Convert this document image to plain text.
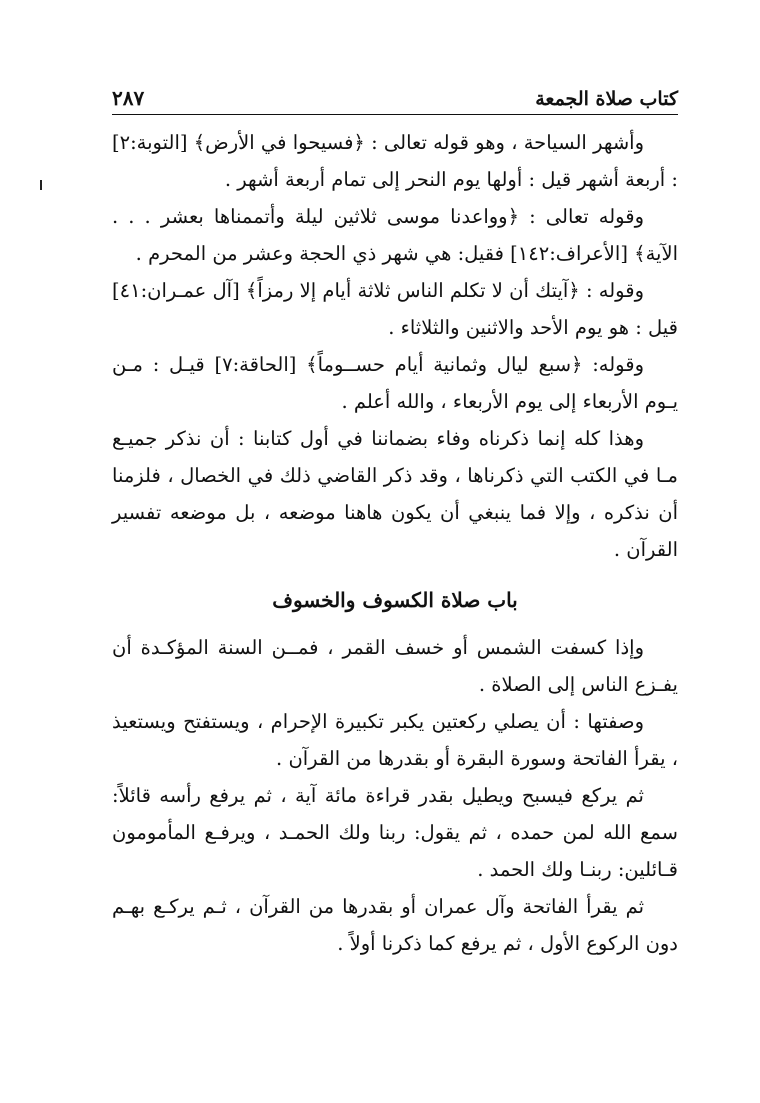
كتاب صلاة الجمعة
٢٨٧

وأشهر السياحة ، وهو قوله تعالى : ﴿فسيحوا في الأرض﴾ [التوبة:٢] : أربعة أشهر قيل : أولها يوم النحر إلى تمام أربعة أشهر .

وقوله تعالى : ﴿وواعدنا موسى ثلاثين ليلة وأتممناها بعشر . . . الآية﴾ [الأعراف:١٤٢] فقيل: هي شهر ذي الحجة وعشر من المحرم .

وقوله : ﴿آيتك أن لا تكلم الناس ثلاثة أيام إلا رمزاً﴾ [آل عمـران:٤١] قيل : هو يوم الأحد والاثنين والثلاثاء .

وقوله: ﴿سبع ليال وثمانية أيام حســوماً﴾ [الحاقة:٧] قيـل : مـن يـوم الأربعاء إلى يوم الأربعاء ، والله أعلم .

وهذا كله إنما ذكرناه وفاء بضماننا في أول كتابنا : أن نذكر جميـع مـا في الكتب التي ذكرناها ، وقد ذكر القاضي ذلك في الخصال ، فلزمنا أن نذكره ، وإلا فما ينبغي أن يكون هاهنا موضعه ، بل موضعه تفسير القرآن .

باب صلاة الكسوف والخسوف

وإذا كسفت الشمس أو خسف القمر ، فمــن السنة المؤكـدة أن يفـزع الناس إلى الصلاة .

وصفتها : أن يصلي ركعتين يكبر تكبيرة الإحرام ، ويستفتح ويستعيذ ، يقرأ الفاتحة وسورة البقرة أو بقدرها من القرآن .

ثم يركع فيسبح ويطيل بقدر قراءة مائة آية ، ثم يرفع رأسه قائلاً: سمع الله لمن حمده ، ثم يقول: ربنا ولك الحمـد ، ويرفـع المأمومون قـائلين: ربنـا ولك الحمد .

ثم يقرأ الفاتحة وآل عمران أو بقدرها من القرآن ، ثـم يركـع بهـم دون الركوع الأول ، ثم يرفع كما ذكرنا أولاً .
